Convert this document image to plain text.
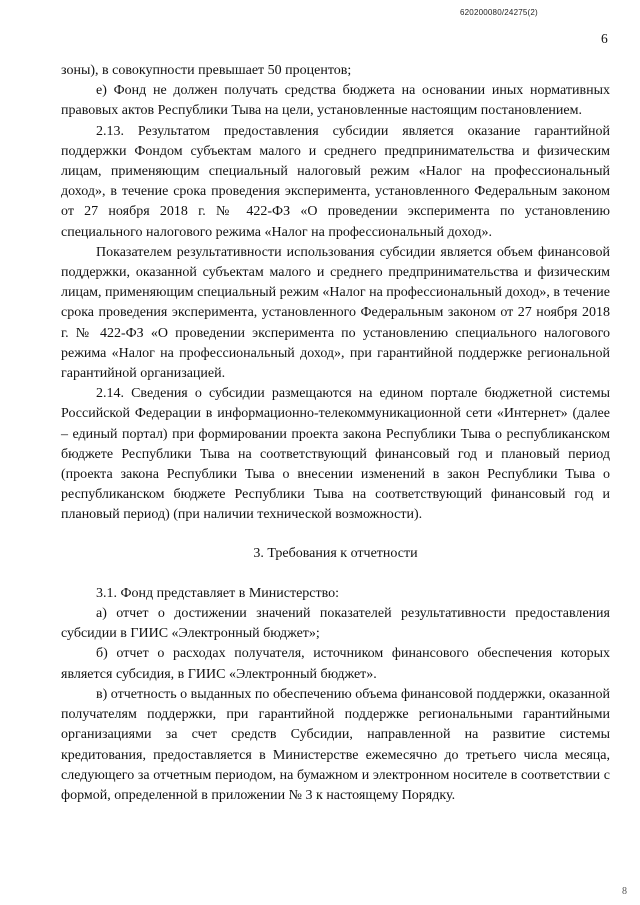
620200080/24275(2)
6

зоны), в совокупности превышает 50 процентов;

е) Фонд не должен получать средства бюджета на основании иных нормативных правовых актов Республики Тыва на цели, установленные настоящим постановлением.

2.13. Результатом предоставления субсидии является оказание гарантийной поддержки Фондом субъектам малого и среднего предпринимательства и физическим лицам, применяющим специальный налоговый режим «Налог на профессиональный доход», в течение срока проведения эксперимента, установленного Федеральным законом от 27 ноября 2018 г. № 422-ФЗ «О проведении эксперимента по установлению специального налогового режима «Налог на профессиональный доход».

Показателем результативности использования субсидии является объем финансовой поддержки, оказанной субъектам малого и среднего предпринимательства и физическим лицам, применяющим специальный режим «Налог на профессиональный доход», в течение срока проведения эксперимента, установленного Федеральным законом от 27 ноября 2018 г. № 422-ФЗ «О проведении эксперимента по установлению специального налогового режима «Налог на профессиональный доход», при гарантийной поддержке региональной гарантийной организацией.

2.14. Сведения о субсидии размещаются на едином портале бюджетной системы Российской Федерации в информационно-телекоммуникационной сети «Интернет» (далее – единый портал) при формировании проекта закона Республики Тыва о республиканском бюджете Республики Тыва на соответствующий финансовый год и плановый период (проекта закона Республики Тыва о внесении изменений в закон Республики Тыва о республиканском бюджете Республики Тыва на соответствующий финансовый год и плановый период) (при наличии технической возможности).

3. Требования к отчетности

3.1. Фонд представляет в Министерство:

а) отчет о достижении значений показателей результативности предоставления субсидии в ГИИС «Электронный бюджет»;

б) отчет о расходах получателя, источником финансового обеспечения которых является субсидия, в ГИИС «Электронный бюджет».

в) отчетность о выданных по обеспечению объема финансовой поддержки, оказанной получателям поддержки, при гарантийной поддержке региональными гарантийными организациями за счет средств Субсидии, направленной на развитие системы кредитования, предоставляется в Министерстве ежемесячно до третьего числа месяца, следующего за отчетным периодом, на бумажном и электронном носителе в соответствии с формой, определенной в приложении № 3 к настоящему Порядку.

8
